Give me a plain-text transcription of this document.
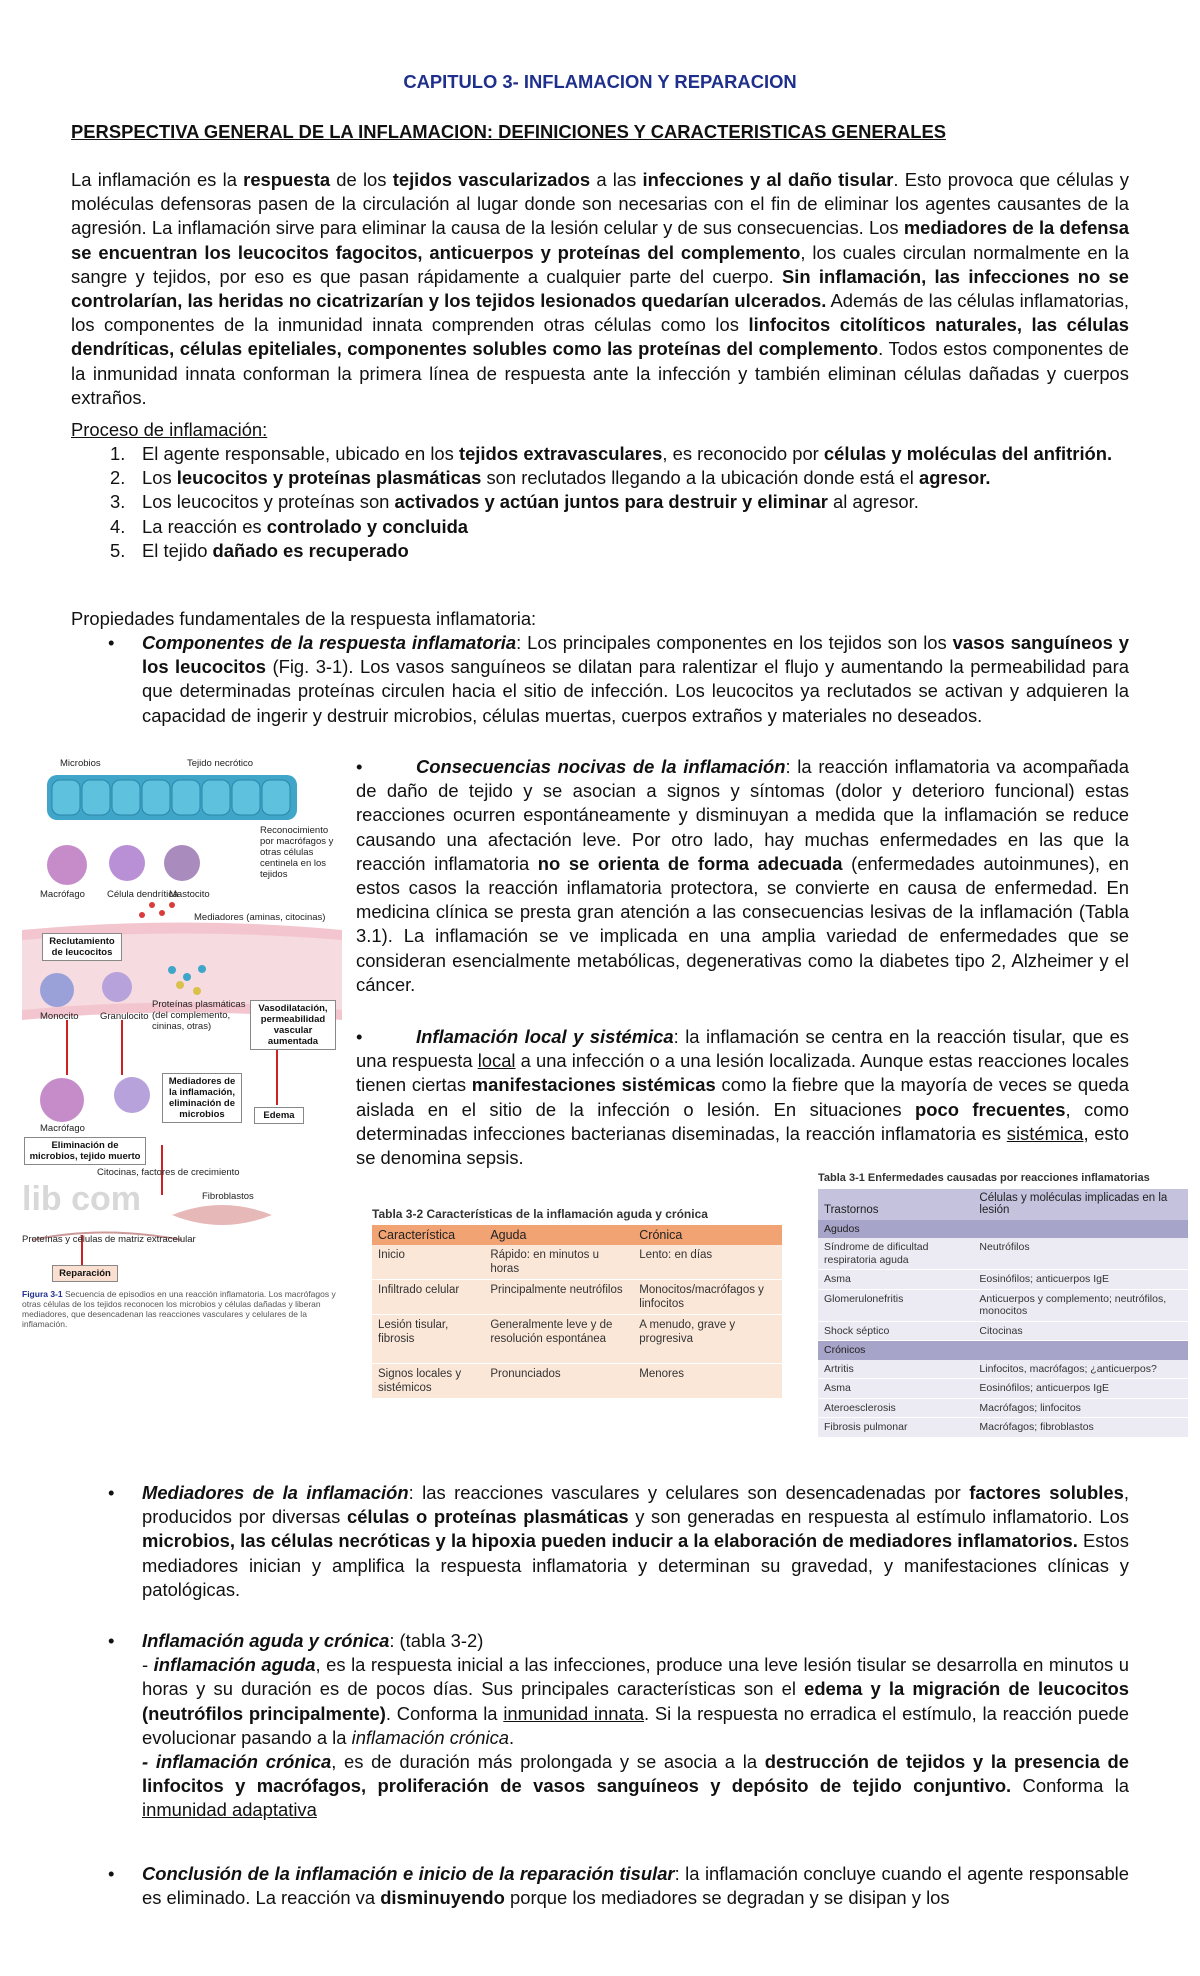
CAPITULO 3- INFLAMACION Y REPARACION
PERSPECTIVA GENERAL DE LA INFLAMACION: DEFINICIONES Y CARACTERISTICAS GENERALES
La inflamación es la respuesta de los tejidos vascularizados a las infecciones y al daño tisular. Esto provoca que células y moléculas defensoras pasen de la circulación al lugar donde son necesarias con el fin de eliminar los agentes causantes de la agresión. La inflamación sirve para eliminar la causa de la lesión celular y de sus consecuencias. Los mediadores de la defensa se encuentran los leucocitos fagocitos, anticuerpos y proteínas del complemento, los cuales circulan normalmente en la sangre y tejidos, por eso es que pasan rápidamente a cualquier parte del cuerpo. Sin inflamación, las infecciones no se controlarían, las heridas no cicatrizarían y los tejidos lesionados quedarían ulcerados. Además de las células inflamatorias, los componentes de la inmunidad innata comprenden otras células como los linfocitos citolíticos naturales, las células dendríticas, células epiteliales, componentes solubles como las proteínas del complemento. Todos estos componentes de la inmunidad innata conforman la primera línea de respuesta ante la infección y también eliminan células dañadas y cuerpos extraños.
Proceso de inflamación:
1. El agente responsable, ubicado en los tejidos extravasculares, es reconocido por células y moléculas del anfitrión.
2. Los leucocitos y proteínas plasmáticas son reclutados llegando a la ubicación donde está el agresor.
3. Los leucocitos y proteínas son activados y actúan juntos para destruir y eliminar al agresor.
4. La reacción es controlado y concluida
5. El tejido dañado es recuperado
Propiedades fundamentales de la respuesta inflamatoria:
• Componentes de la respuesta inflamatoria: Los principales componentes en los tejidos son los vasos sanguíneos y los leucocitos (Fig. 3-1). Los vasos sanguíneos se dilatan para ralentizar el flujo y aumentando la permeabilidad para que determinadas proteínas circulen hacia el sitio de infección. Los leucocitos ya reclutados se activan y adquieren la capacidad de ingerir y destruir microbios, células muertas, cuerpos extraños y materiales no deseados.
•	Consecuencias nocivas de la inflamación: la reacción inflamatoria va acompañada de daño de tejido y se asocian a signos y síntomas (dolor y deterioro funcional) estas reacciones ocurren espontáneamente y disminuyan a medida que la inflamación se reduce causando una afectación leve. Por otro lado, hay muchas enfermedades en las que la reacción inflamatoria no se orienta de forma adecuada (enfermedades autoinmunes), en estos casos la reacción inflamatoria protectora, se convierte en causa de enfermedad. En medicina clínica se presta gran atención a las consecuencias lesivas de la inflamación (Tabla 3.1). La inflamación se ve implicada en una amplia variedad de enfermedades que se consideran esencialmente metabólicas, degenerativas como la diabetes tipo 2, Alzheimer y el cáncer.
•	Inflamación local y sistémica: la inflamación se centra en la reacción tisular, que es una respuesta local a una infección o a una lesión localizada. Aunque estas reacciones locales tienen ciertas manifestaciones sistémicas como la fiebre que la mayoría de veces se queda aislada en el sitio de la infección o lesión. En situaciones poco frecuentes, como determinadas infecciones bacterianas diseminadas, la reacción inflamatoria es sistémica, esto se denomina sepsis.
Microbios	Tejido necrótico
Reconocimiento por macrófagos y otras células centinela en los tejidos
Macrófago Célula dendrítica
Mastocito
Mediadores (aminas, citocinas)
Reclutamiento de leucocitos
Monocito Granulocito
Proteínas plasmáticas (del complemento, cininas, otras)
Vasodilatación, permeabilidad vascular aumentada
Macrófago
Mediadores de la inflamación, eliminación de microbios
Eliminación de microbios, tejido muerto
Edema
Citocinas, factores de crecimiento
Fibroblastos
Proteínas y células de matriz extracelular
Reparación
lib com
Figura 3-1 Secuencia de episodios en una reacción inflamatoria. Los macrófagos y otras células de los tejidos reconocen los microbios y células dañadas y liberan mediadores, que desencadenan las reacciones vasculares y celulares de la inflamación.
Tabla 3-2 Características de la inflamación aguda y crónica
Característica	Aguda	Crónica
Inicio	Rápido: en minutos u horas	Lento: en días
Infiltrado celular	Principalmente neutrófilos	Monocitos/macrófagos y linfocitos
Lesión tisular, fibrosis	Generalmente leve y de resolución espontánea	A menudo, grave y progresiva
Signos locales y sistémicos	Pronunciados	Menores
Tabla 3-1 Enfermedades causadas por reacciones inflamatorias
Trastornos	Células y moléculas implicadas en la lesión
Agudos	
Síndrome de dificultad respiratoria aguda	Neutrófilos
Asma	Eosinófilos; anticuerpos IgE
Glomerulonefritis	Anticuerpos y complemento; neutrófilos, monocitos
Shock séptico	Citocinas
Crónicos	
Artritis	Linfocitos, macrófagos; ¿anticuerpos?
Asma	Eosinófilos; anticuerpos IgE
Ateroesclerosis	Macrófagos; linfocitos
Fibrosis pulmonar	Macrófagos; fibroblastos
• Mediadores de la inflamación: las reacciones vasculares y celulares son desencadenadas por factores solubles, producidos por diversas células o proteínas plasmáticas y son generadas en respuesta al estímulo inflamatorio. Los microbios, las células necróticas y la hipoxia pueden inducir a la elaboración de mediadores inflamatorios. Estos mediadores inician y amplifica la respuesta inflamatoria y determinan su gravedad, y manifestaciones clínicas y patológicas.
• Inflamación aguda y crónica: (tabla 3-2)
- inflamación aguda, es la respuesta inicial a las infecciones, produce una leve lesión tisular se desarrolla en minutos u horas y su duración es de pocos días. Sus principales características son el edema y la migración de leucocitos (neutrófilos principalmente). Conforma la inmunidad innata. Si la respuesta no erradica el estímulo, la reacción puede evolucionar pasando a la inflamación crónica.
- inflamación crónica, es de duración más prolongada y se asocia a la destrucción de tejidos y la presencia de linfocitos y macrófagos, proliferación de vasos sanguíneos y depósito de tejido conjuntivo. Conforma la inmunidad adaptativa
• Conclusión de la inflamación e inicio de la reparación tisular: la inflamación concluye cuando el agente responsable es eliminado. La reacción va disminuyendo porque los mediadores se degradan y se disipan y los
